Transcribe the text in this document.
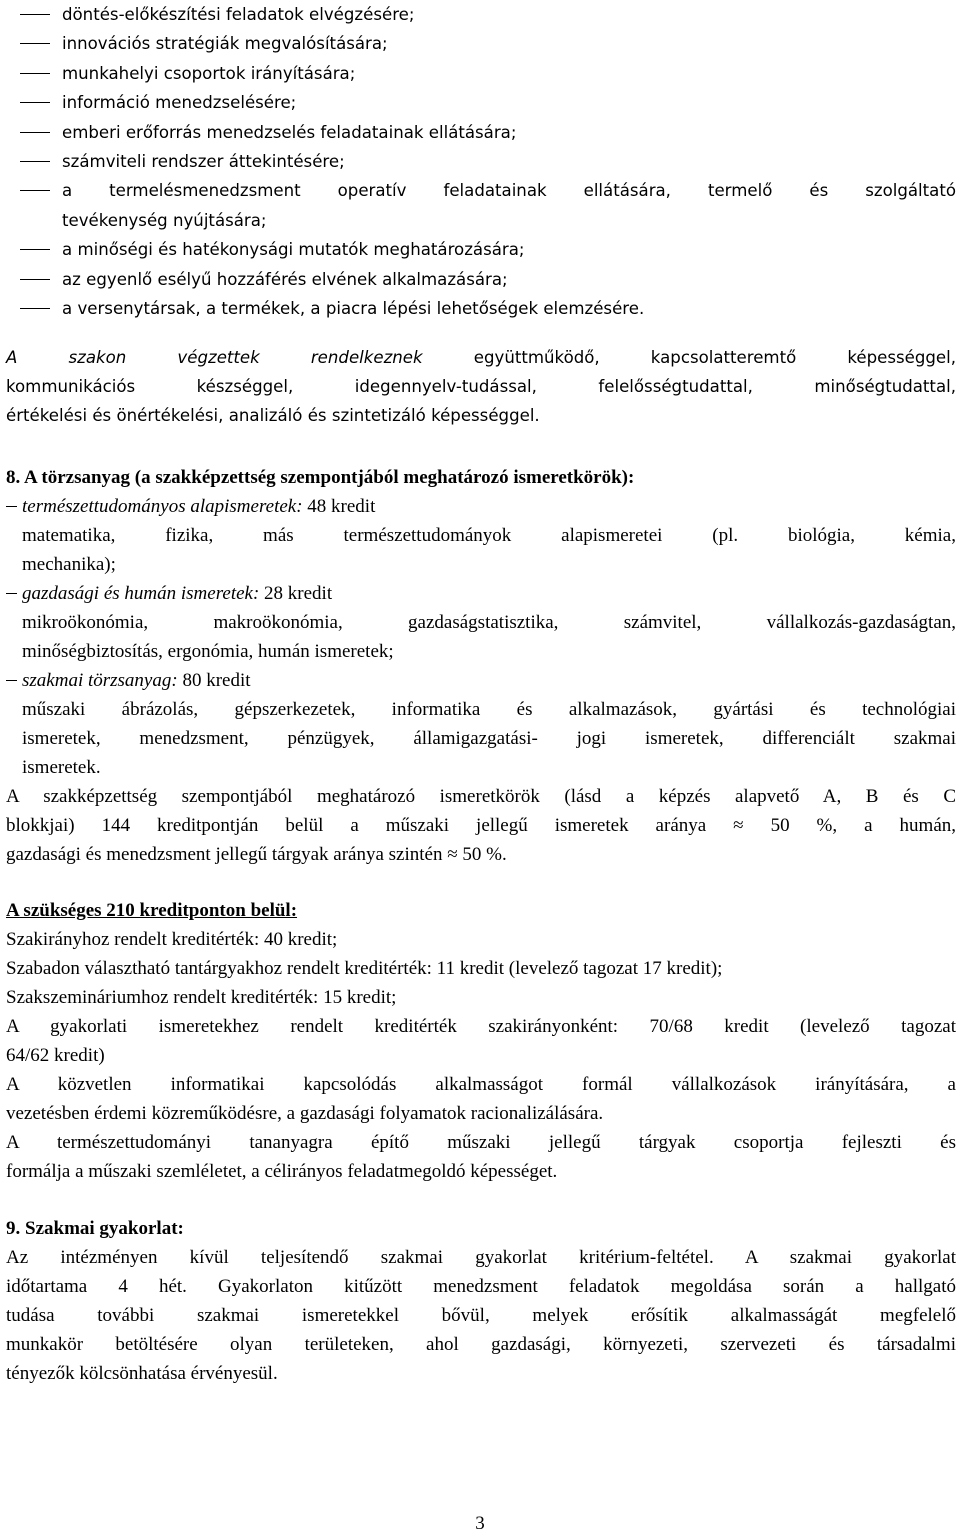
döntés-előkészítési feladatok elvégzésére;
innovációs stratégiák megvalósítására;
munkahelyi csoportok irányítására;
információ menedzselésére;
emberi erőforrás menedzselés feladatainak ellátására;
számviteli rendszer áttekintésére;
a termelésmenedzsment operatív feladatainak ellátására, termelő és szolgáltató
tevékenység nyújtására;
a minőségi és hatékonysági mutatók meghatározására;
az egyenlő esélyű hozzáférés elvének alkalmazására;
a versenytársak, a termékek, a piacra lépési lehetőségek elemzésére.
A szakon végzettek rendelkeznek együttműködő, kapcsolatteremtő képességgel,
kommunikációs készséggel, idegennyelv-tudással, felelősségtudattal, minőségtudattal,
értékelési és önértékelési, analizáló és szintetizáló képességgel.
8. A törzsanyag (a szakképzettség szempontjából meghatározó ismeretkörök):
természettudományos alapismeretek: 48 kredit
matematika, fizika, más természettudományok alapismeretei (pl. biológia, kémia,
mechanika);
gazdasági és humán ismeretek: 28 kredit
mikroökonómia, makroökonómia, gazdaságstatisztika, számvitel, vállalkozás-gazdaságtan,
minőségbiztosítás, ergonómia, humán ismeretek;
szakmai törzsanyag: 80 kredit
műszaki ábrázolás, gépszerkezetek, informatika és alkalmazások, gyártási és technológiai
ismeretek, menedzsment, pénzügyek, államigazgatási- jogi ismeretek, differenciált szakmai
ismeretek.
A szakképzettség szempontjából meghatározó ismeretkörök (lásd a képzés alapvető A, B és C
blokkjai) 144 kreditpontján belül a műszaki jellegű ismeretek aránya ≈ 50 %, a humán,
gazdasági és menedzsment jellegű tárgyak aránya szintén ≈ 50 %.
A szükséges 210 kreditponton belül:
Szakirányhoz rendelt kreditérték: 40 kredit;
Szabadon választható tantárgyakhoz rendelt kreditérték: 11 kredit (levelező tagozat 17 kredit);
Szakszemináriumhoz rendelt kreditérték: 15 kredit;
A gyakorlati ismeretekhez rendelt kreditérték szakirányonként: 70/68 kredit (levelező tagozat
64/62 kredit)
A közvetlen informatikai kapcsolódás alkalmasságot formál vállalkozások irányítására, a
vezetésben érdemi közreműködésre, a gazdasági folyamatok racionalizálására.
A természettudományi tananyagra építő műszaki jellegű tárgyak csoportja fejleszti és
formálja a műszaki szemléletet, a célirányos feladatmegoldó képességet.
9. Szakmai gyakorlat:
Az intézményen kívül teljesítendő szakmai gyakorlat kritérium-feltétel. A szakmai gyakorlat
időtartama 4 hét. Gyakorlaton kitűzött menedzsment feladatok megoldása során a hallgató
tudása további szakmai ismeretekkel bővül, melyek erősítik alkalmasságát megfelelő
munkakör betöltésére olyan területeken, ahol gazdasági, környezeti, szervezeti és társadalmi
tényezők kölcsönhatása érvényesül.
3
